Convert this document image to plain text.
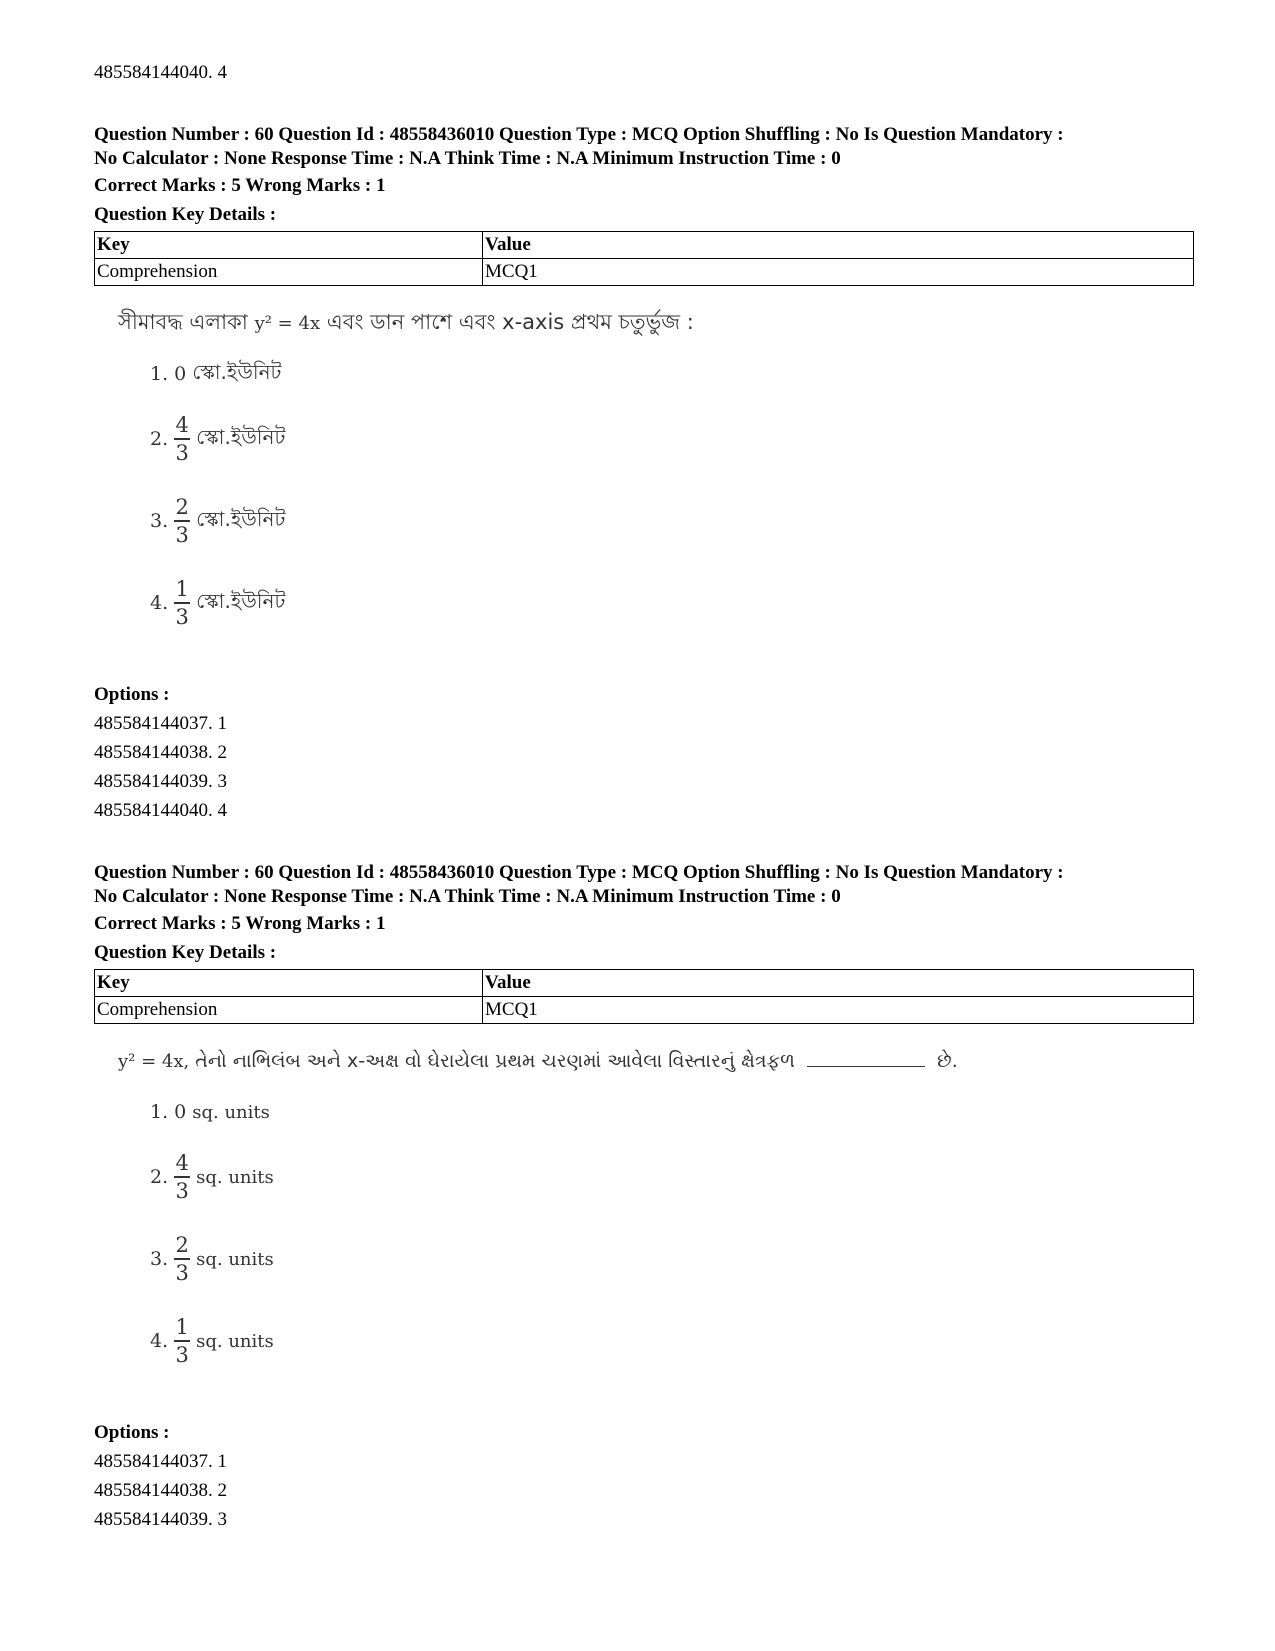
485584144040. 4
Question Number : 60 Question Id : 48558436010 Question Type : MCQ Option Shuffling : No Is Question Mandatory :
No Calculator : None Response Time : N.A Think Time : N.A Minimum Instruction Time : 0
Correct Marks : 5 Wrong Marks : 1
Question Key Details :
Key	Value
Comprehension	MCQ1
সীমাবদ্ধ এলাকা y² = 4x এবং ডান পাশে এবং x-axis প্রথম চতুর্ভুজ :
1. 0 স্কো.ইউনিট
2. $\frac{4}{3}$ স্কো.ইউনিট
3. $\frac{2}{3}$ স্কো.ইউনিট
4. $\frac{1}{3}$ স্কো.ইউনিট
Options :
485584144037. 1
485584144038. 2
485584144039. 3
485584144040. 4
Question Number : 60 Question Id : 48558436010 Question Type : MCQ Option Shuffling : No Is Question Mandatory :
No Calculator : None Response Time : N.A Think Time : N.A Minimum Instruction Time : 0
Correct Marks : 5 Wrong Marks : 1
Question Key Details :
Key	Value
Comprehension	MCQ1
y² = 4x, તેનો નાભિલંબ અને x-અક્ષ વો ઘેરાયેલા પ્રથમ ચરણમાં આવેલા વિસ્તારનું ક્ષેત્રફળ	છે.
1. 0 sq. units
2. $\frac{4}{3}$ sq. units
3. $\frac{2}{3}$ sq. units
4. $\frac{1}{3}$ sq. units
Options :
485584144037. 1
485584144038. 2
485584144039. 3
